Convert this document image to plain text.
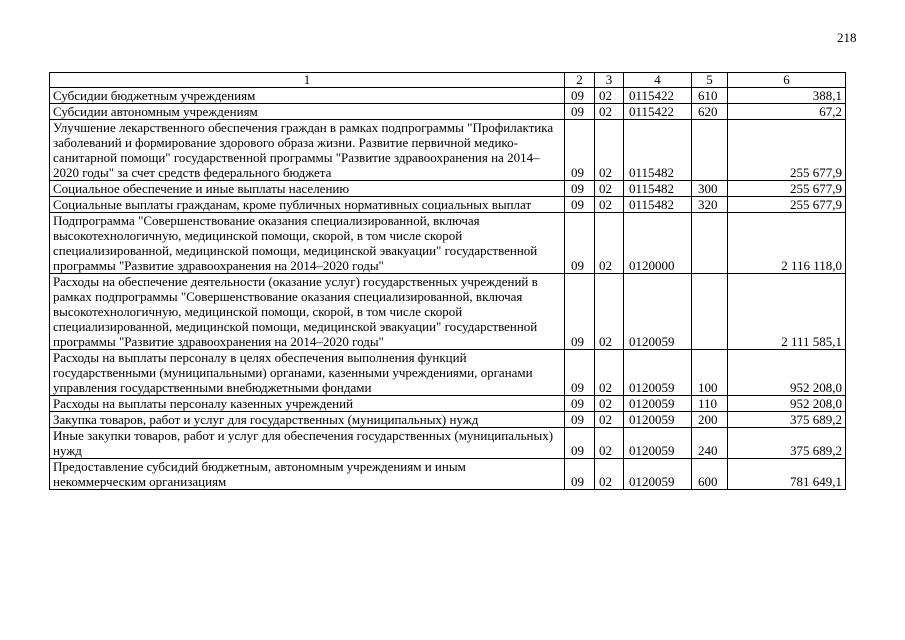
218
1	2	3	4	5	6
Субсидии бюджетным учреждениям	09	02	0115422	610	388,1
Субсидии автономным учреждениям	09	02	0115422	620	67,2
Улучшение лекарственного обеспечения граждан в рамках подпрограммы "Профилактика заболеваний и формирование здорового образа жизни. Развитие первичной медико-санитарной помощи" государственной программы "Развитие здравоохранения на 2014–2020 годы" за счет средств федерального бюджета	09	02	0115482		255 677,9
Социальное обеспечение и иные выплаты населению	09	02	0115482	300	255 677,9
Социальные выплаты гражданам, кроме публичных нормативных социальных выплат	09	02	0115482	320	255 677,9
Подпрограмма "Совершенствование оказания специализированной, включая высокотехнологичную, медицинской помощи, скорой, в том числе скорой специализированной, медицинской помощи, медицинской эвакуации" государственной программы "Развитие здравоохранения на 2014–2020 годы"	09	02	0120000		2 116 118,0
Расходы на обеспечение деятельности (оказание услуг) государственных учреждений в рамках подпрограммы "Совершенствование оказания специализированной, включая высокотехнологичную, медицинской помощи, скорой, в том числе скорой специализированной, медицинской помощи, медицинской эвакуации" государственной программы "Развитие здравоохранения на 2014–2020 годы"	09	02	0120059		2 111 585,1
Расходы на выплаты персоналу в целях обеспечения выполнения функций государственными (муниципальными) органами, казенными учреждениями, органами управления государственными внебюджетными фондами	09	02	0120059	100	952 208,0
Расходы на выплаты персоналу казенных учреждений	09	02	0120059	110	952 208,0
Закупка товаров, работ и услуг для государственных (муниципальных) нужд	09	02	0120059	200	375 689,2
Иные закупки товаров, работ и услуг для обеспечения государственных (муниципальных) нужд	09	02	0120059	240	375 689,2
Предоставление субсидий бюджетным, автономным учреждениям и иным некоммерческим организациям	09	02	0120059	600	781 649,1
